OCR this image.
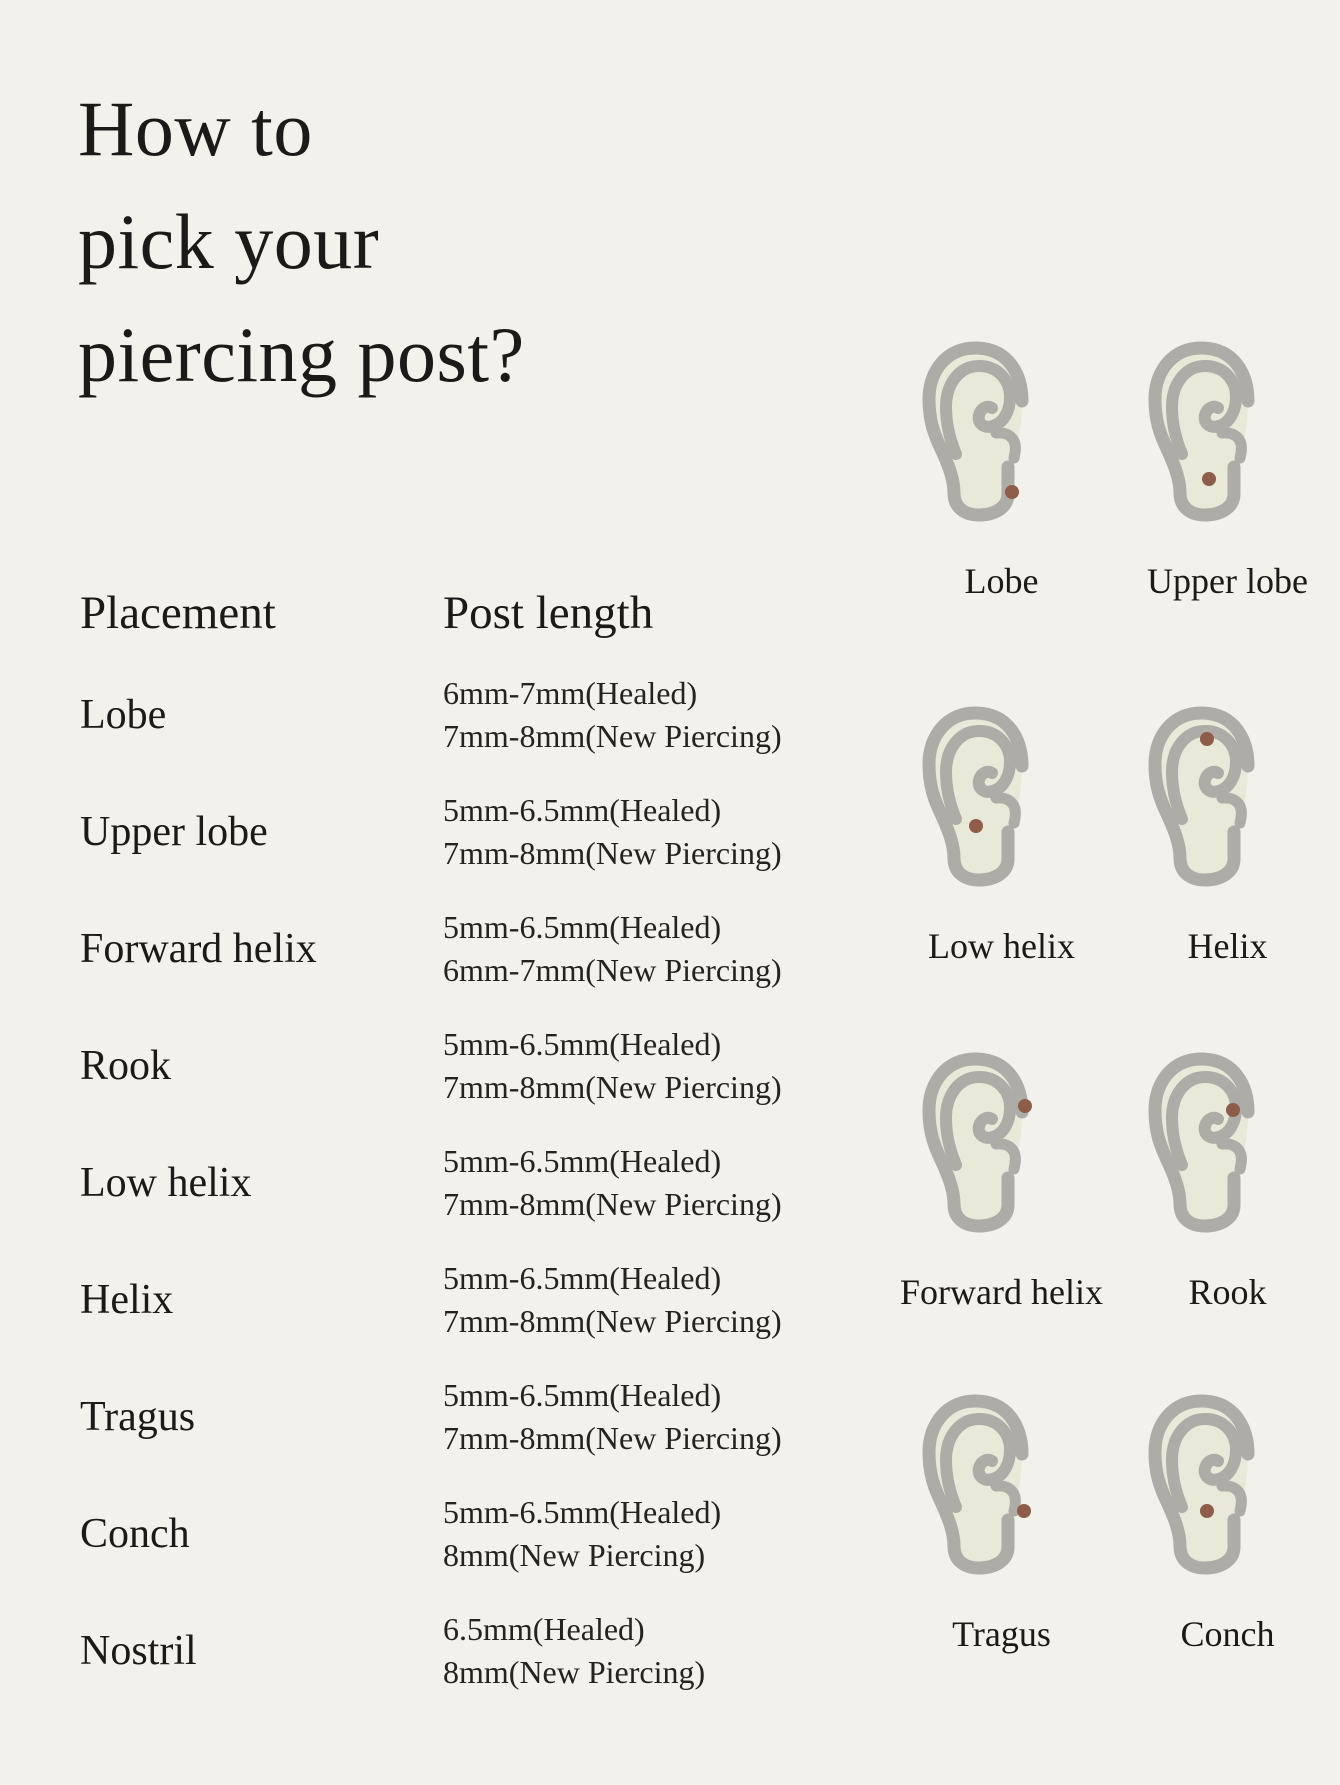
How to
pick your
piercing post?
Placement	Post length
Lobe	6mm-7mm(Healed)
7mm-8mm(New Piercing)
Upper lobe	5mm-6.5mm(Healed)
7mm-8mm(New Piercing)
Forward helix	5mm-6.5mm(Healed)
6mm-7mm(New Piercing)
Rook	5mm-6.5mm(Healed)
7mm-8mm(New Piercing)
Low helix	5mm-6.5mm(Healed)
7mm-8mm(New Piercing)
Helix	5mm-6.5mm(Healed)
7mm-8mm(New Piercing)
Tragus	5mm-6.5mm(Healed)
7mm-8mm(New Piercing)
Conch	5mm-6.5mm(Healed)
8mm(New Piercing)
Nostril	6.5mm(Healed)
8mm(New Piercing)
Lobe	Upper lobe
Low helix	Helix
Forward helix	Rook
Tragus	Conch
